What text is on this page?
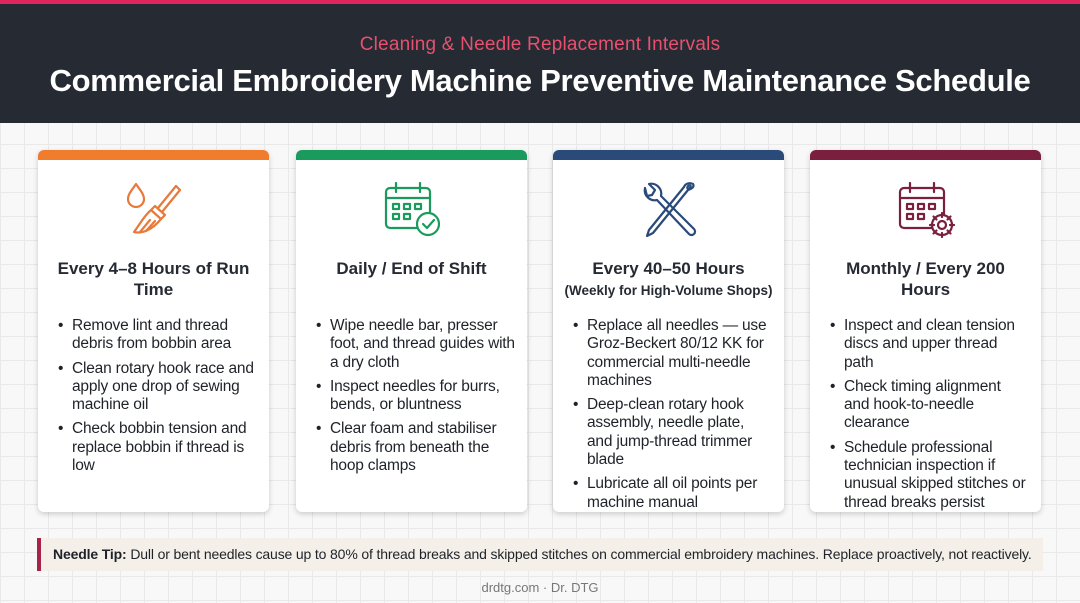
Cleaning & Needle Replacement Intervals
Commercial Embroidery Machine Preventive Maintenance Schedule
Every 4–8 Hours of Run Time
• Remove lint and thread debris from bobbin area
• Clean rotary hook race and apply one drop of sewing machine oil
• Check bobbin tension and replace bobbin if thread is low
Daily / End of Shift
• Wipe needle bar, presser foot, and thread guides with a dry cloth
• Inspect needles for burrs, bends, or bluntness
• Clear foam and stabiliser debris from beneath the hoop clamps
Every 40–50 Hours
(Weekly for High-Volume Shops)
• Replace all needles — use Groz-Beckert 80/12 KK for commercial multi-needle machines
• Deep-clean rotary hook assembly, needle plate, and jump-thread trimmer blade
• Lubricate all oil points per machine manual
Monthly / Every 200 Hours
• Inspect and clean tension discs and upper thread path
• Check timing alignment and hook-to-needle clearance
• Schedule professional technician inspection if unusual skipped stitches or thread breaks persist
Needle Tip: Dull or bent needles cause up to 80% of thread breaks and skipped stitches on commercial embroidery machines. Replace proactively, not reactively.
drdtg.com · Dr. DTG
